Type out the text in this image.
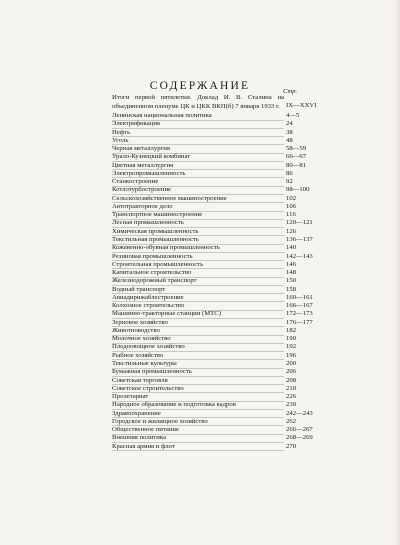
СОДЕРЖАНИЕ	Стр.
Итоги первой пятилетки. Доклад И. В. Сталина на объединенном пленуме ЦК и ЦКК ВКП(б) 7 января 1933 г. IX—XXVI
Ленинская национальная политика	4—5
Электрификация	24
Нефть	38
Уголь	48
Черная металлургия	58—59
Урало-Кузнецкий комбинат	66—67
Цветная металлургия	80—81
Электропромышленность	86
Станкостроение	92
Котлотурбостроение	98—100
Сельскохозяйственное машиностроение	102
Автотракторное дело	106
Транспортное машиностроение	116
Лесная промышленность	120—121
Химическая промышленность	126
Текстильная промышленность	136—137
Кожевенно-обувная промышленность	140
Резиновая промышленность	142—143
Строительная промышленность	146
Капитальное строительство	148
Железнодорожный транспорт	150
Водный транспорт	158
Авиадирижаблестроение	160—161
Колхозное строительство	166—167
Машинно-тракторные станции (МТС)	172—173
Зерновое хозяйство	176—177
Животноводство	182
Молочное хозяйство	190
Плодоовощное хозяйство	192
Рыбное хозяйство	196
Текстильные культуры	200
Бумажная промышленность	206
Советская торговля	208
Советское строительство	210
Пролетариат	226
Народное образование и подготовка кадров	230
Здравоохранение	242—243
Городское и жилищное хозяйство	262
Общественное питание	266—267
Внешняя политика	268—269
Красная армия и флот	270
